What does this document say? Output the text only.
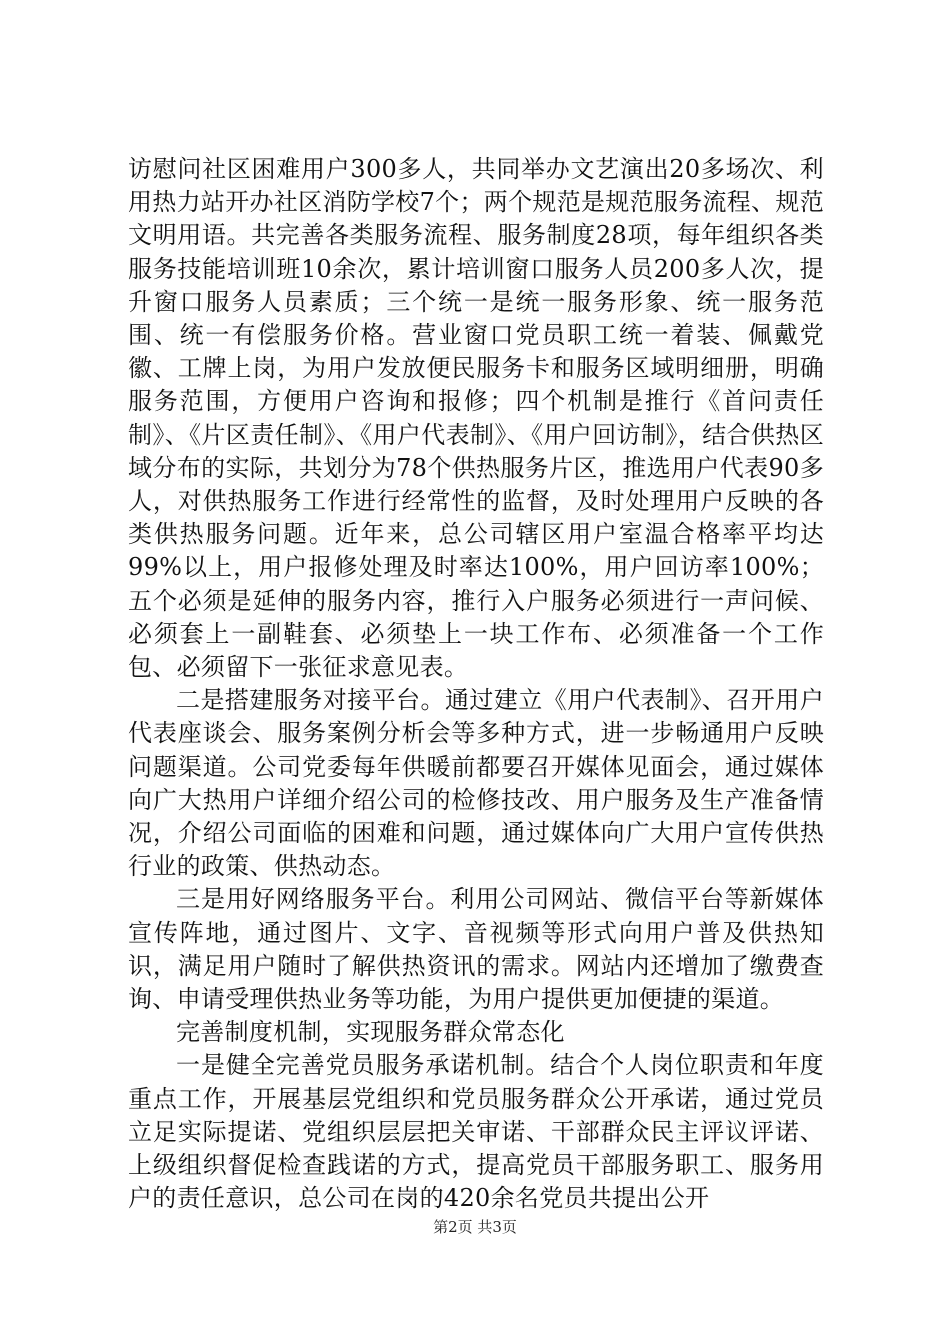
访慰问社区困难用户300多人，共同举办文艺演出20多场次、利用热力站开办社区消防学校7个；两个规范是规范服务流程、规范文明用语。共完善各类服务流程、服务制度28项，每年组织各类服务技能培训班10余次，累计培训窗口服务人员200多人次，提升窗口服务人员素质；三个统一是统一服务形象、统一服务范围、统一有偿服务价格。营业窗口党员职工统一着装、佩戴党徽、工牌上岗，为用户发放便民服务卡和服务区域明细册，明确服务范围，方便用户咨询和报修；四个机制是推行《首问责任制》、《片区责任制》、《用户代表制》、《用户回访制》，结合供热区域分布的实际，共划分为78个供热服务片区，推选用户代表90多人，对供热服务工作进行经常性的监督，及时处理用户反映的各类供热服务问题。近年来，总公司辖区用户室温合格率平均达99%以上，用户报修处理及时率达100%，用户回访率100%；五个必须是延伸的服务内容，推行入户服务必须进行一声问候、必须套上一副鞋套、必须垫上一块工作布、必须准备一个工作包、必须留下一张征求意见表。

二是搭建服务对接平台。通过建立《用户代表制》、召开用户代表座谈会、服务案例分析会等多种方式，进一步畅通用户反映问题渠道。公司党委每年供暖前都要召开媒体见面会，通过媒体向广大热用户详细介绍公司的检修技改、用户服务及生产准备情况，介绍公司面临的困难和问题，通过媒体向广大用户宣传供热行业的政策、供热动态。

三是用好网络服务平台。利用公司网站、微信平台等新媒体宣传阵地，通过图片、文字、音视频等形式向用户普及供热知识，满足用户随时了解供热资讯的需求。网站内还增加了缴费查询、申请受理供热业务等功能，为用户提供更加便捷的渠道。

完善制度机制，实现服务群众常态化

一是健全完善党员服务承诺机制。结合个人岗位职责和年度重点工作，开展基层党组织和党员服务群众公开承诺，通过党员立足实际提诺、党组织层层把关审诺、干部群众民主评议评诺、上级组织督促检查践诺的方式，提高党员干部服务职工、服务用户的责任意识，总公司在岗的420余名党员共提出公开

第2页 共3页
